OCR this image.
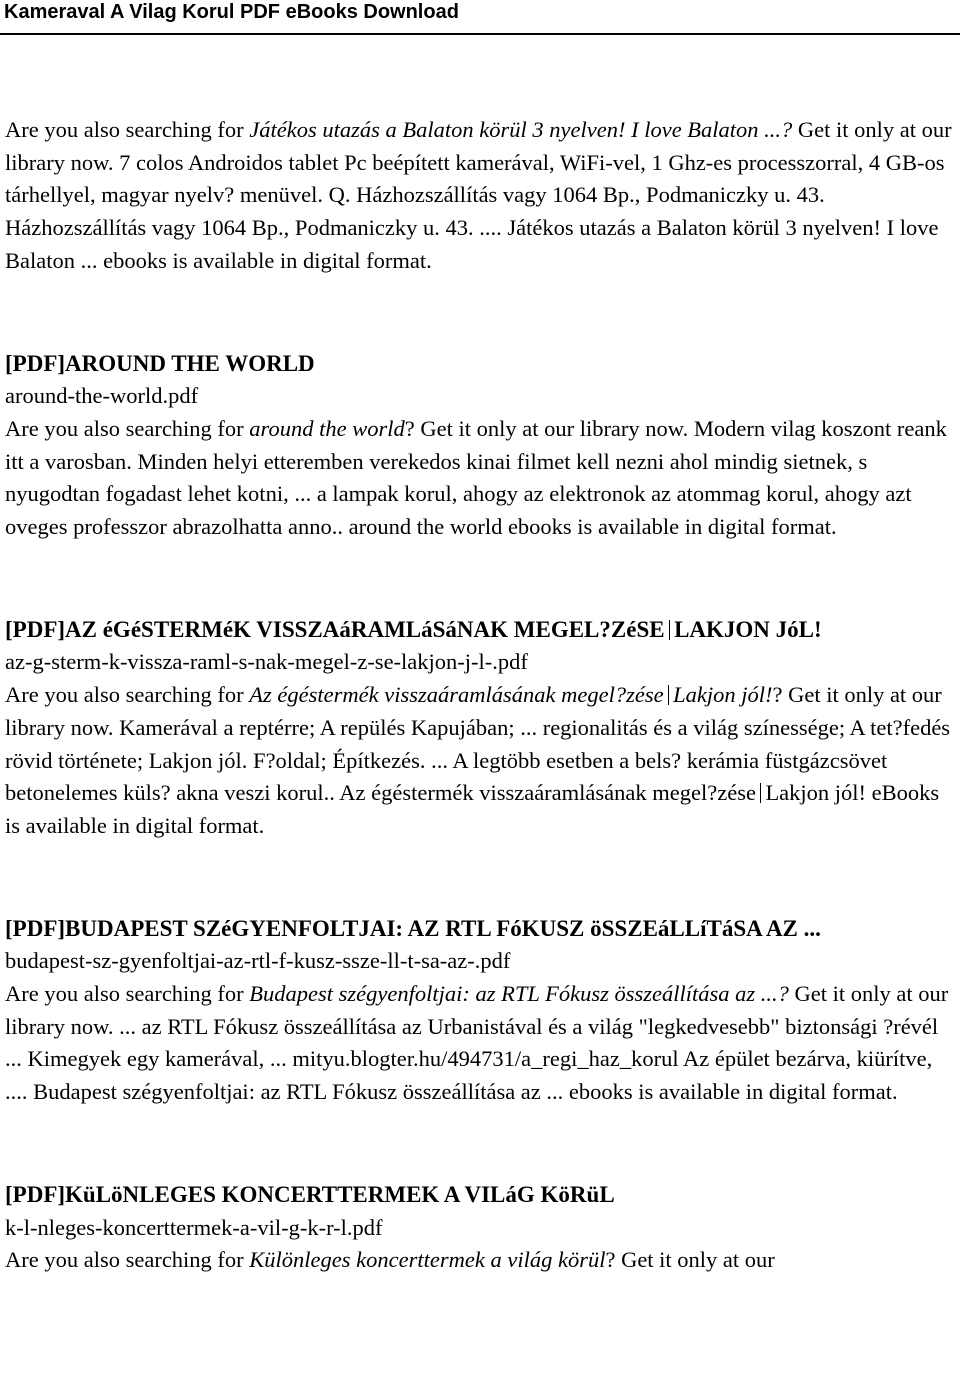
Kameraval A Vilag Korul PDF eBooks Download

Are you also searching for Játékos utazás a Balaton körül 3 nyelven! I love Balaton ...? Get it only at our library now. 7 colos Androidos tablet Pc beépített kamerával, WiFi-vel, 1 Ghz-es processzorral, 4 GB-os tárhellyel, magyar nyelv? menüvel. Q. Házhozszállítás vagy 1064 Bp., Podmaniczky u. 43. Házhozszállítás vagy 1064 Bp., Podmaniczky u. 43. .... Játékos utazás a Balaton körül 3 nyelven! I love Balaton ... ebooks is available in digital format.

[PDF]AROUND THE WORLD

around-the-world.pdf

Are you also searching for around the world? Get it only at our library now. Modern vilag koszont reank itt a varosban. Minden helyi etteremben verekedos kinai filmet kell nezni ahol mindig sietnek, s nyugodtan fogadast lehet kotni, ... a lampak korul, ahogy az elektronok az atommag korul, ahogy azt oveges professzor abrazolhatta anno.. around the world ebooks is available in digital format.

[PDF]AZ éGéSTERMéK VISSZAáRAMLáSáNAK MEGEL?ZéSE LAKJON JóL!

az-g-sterm-k-vissza-raml-s-nak-megel-z-se-lakjon-j-l-.pdf

Are you also searching for Az égéstermék visszaáramlásának megel?zése Lakjon jól!? Get it only at our library now. Kamerával a reptérre; A repülés Kapujában; ... regionalitás és a világ színessége; A tet?fedés rövid története; Lakjon jól. F?oldal; Építkezés. ... A legtöbb esetben a bels? kerámia füstgázcsövet betonelemes küls? akna veszi korul.. Az égéstermék visszaáramlásának megel?zése Lakjon jól! eBooks is available in digital format.

[PDF]BUDAPEST SZéGYENFOLTJAI: AZ RTL FóKUSZ öSSZEáLLíTáSA AZ ...

budapest-sz-gyenfoltjai-az-rtl-f-kusz-ssze-ll-t-sa-az-.pdf

Are you also searching for Budapest szégyenfoltjai: az RTL Fókusz összeállítása az ...? Get it only at our library now. ... az RTL Fókusz összeállítása az Urbanistával és a világ "legkedvesebb" biztonsági ?révél ... Kimegyek egy kamerával, ... mityu.blogter.hu/494731/a_regi_haz_korul Az épület bezárva, kiürítve, .... Budapest szégyenfoltjai: az RTL Fókusz összeállítása az ... ebooks is available in digital format.

[PDF]KüLöNLEGES KONCERTTERMEK A VILáG KöRüL

k-l-nleges-koncerttermek-a-vil-g-k-r-l.pdf

Are you also searching for Különleges koncerttermek a világ körül? Get it only at our
